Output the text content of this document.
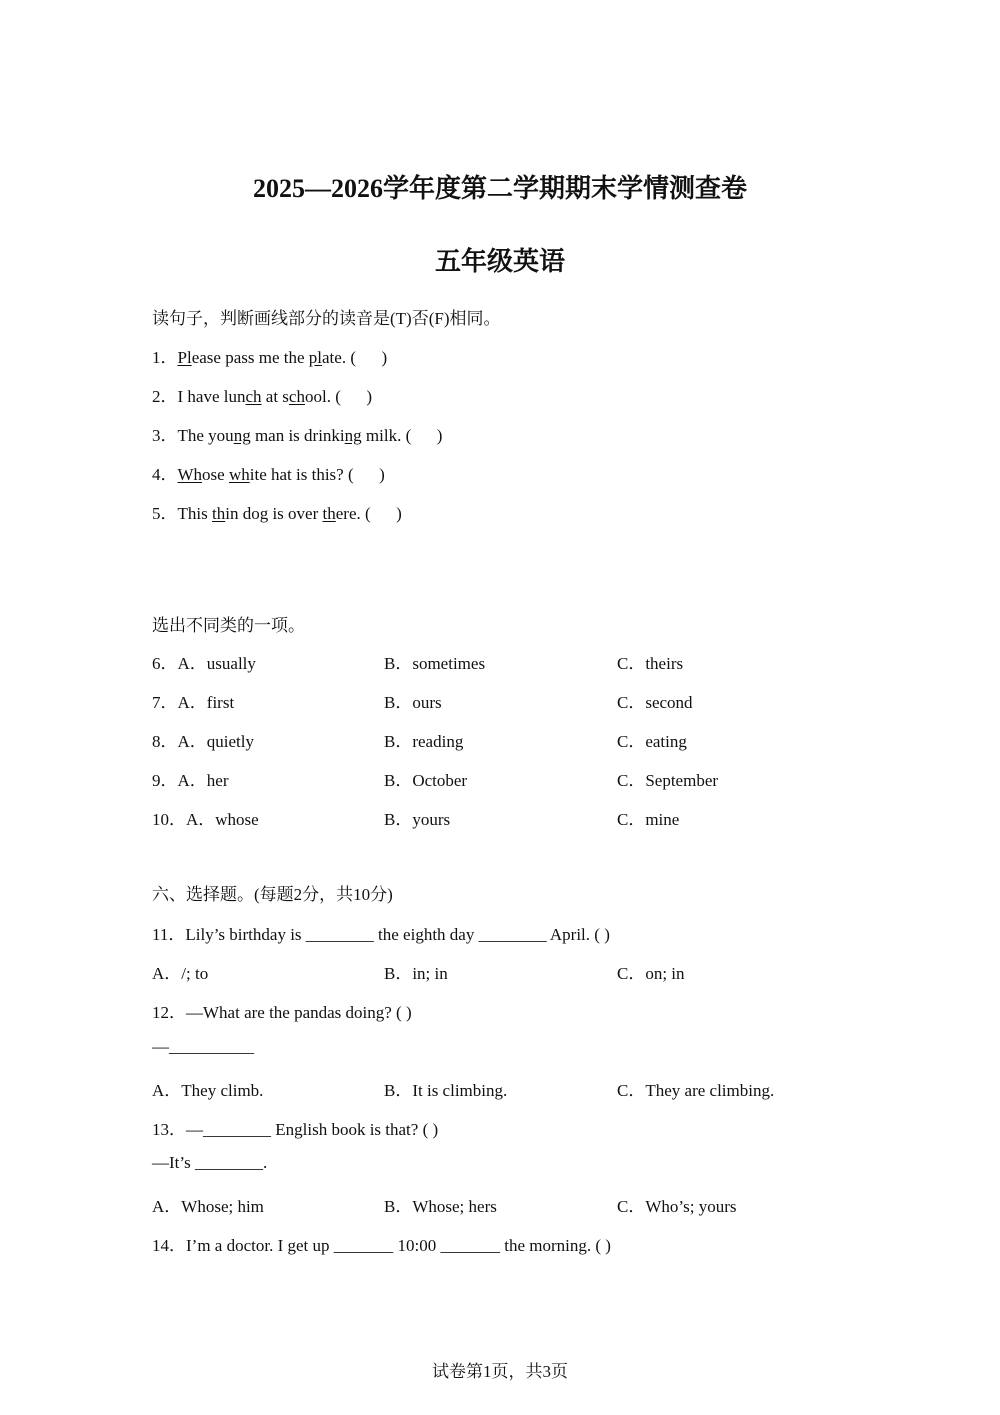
2025—2026学年度第二学期期末学情测查卷
五年级英语
读句子，判断画线部分的读音是(T)否(F)相同。
1．Please pass me the plate. (      )
2．I have lunch at school. (      )
3．The young man is drinking milk. (      )
4．Whose white hat is this? (      )
5．This thin dog is over there. (      )
选出不同类的一项。
6．A．usually	B．sometimes	C．theirs
7．A．first	B．ours	C．second
8．A．quietly	B．reading	C．eating
9．A．her	B．October	C．September
10．A．whose	B．yours	C．mine
六、选择题。(每题2分，共10分)
11．Lily’s birthday is ________ the eighth day ________ April. ( )
A．/; to	B．in; in	C．on; in
12．—What are the pandas doing? ( )
—__________
A．They climb.	B．It is climbing.	C．They are climbing.
13．—________ English book is that? ( )
—It’s ________.
A．Whose; him	B．Whose; hers	C．Who’s; yours
14．I’m a doctor. I get up _______ 10:00 _______ the morning. ( )
试卷第1页，共3页
